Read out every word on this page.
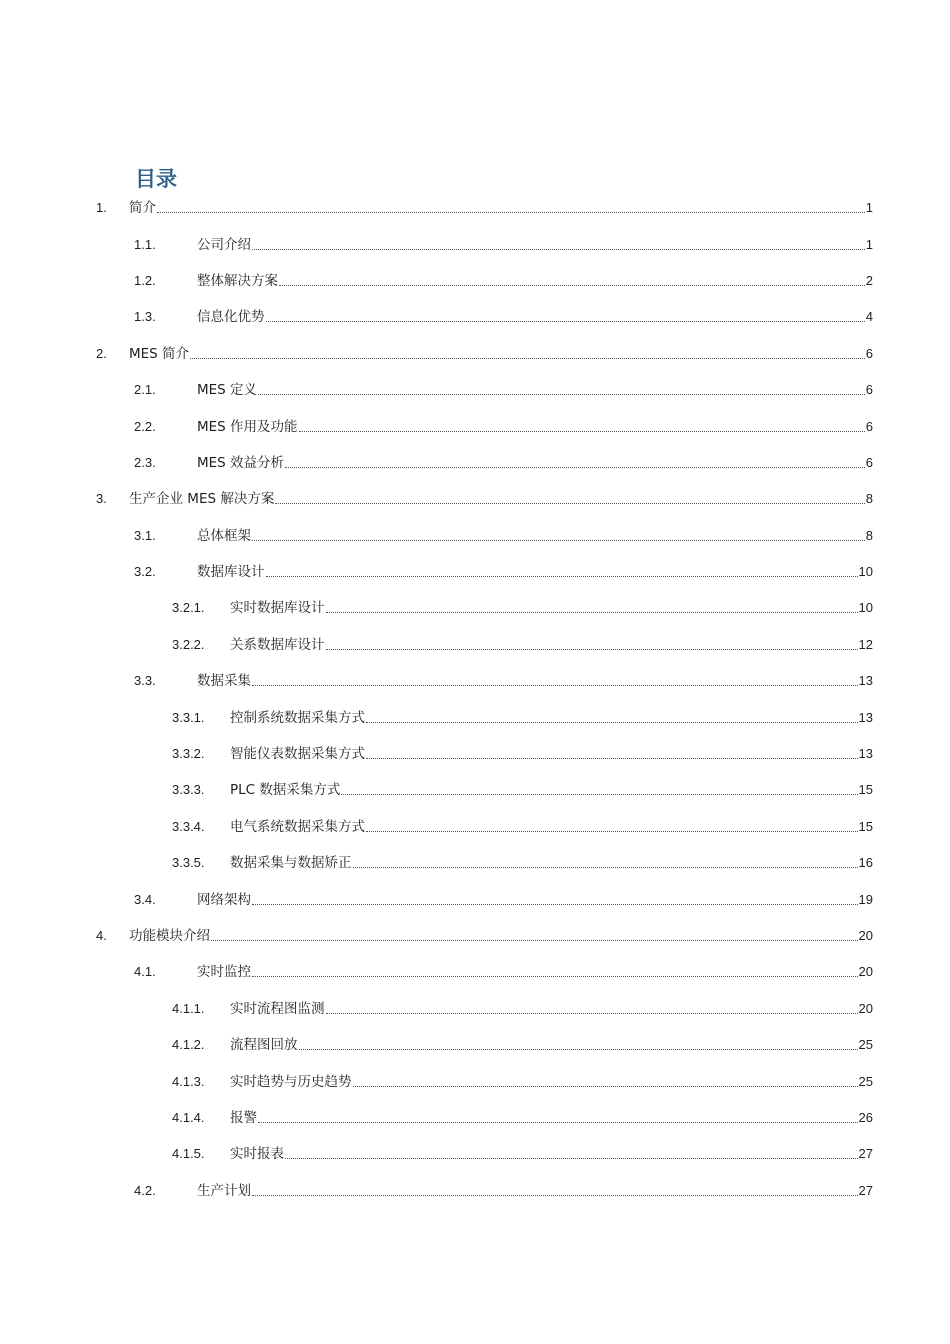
目录
1. 简介	1
1.1.	公司介绍	1
1.2.	整体解决方案	2
1.3.	信息化优势	4
2. MES 简介	6
2.1.	MES 定义	6
2.2.	MES 作用及功能	6
2.3.	MES 效益分析	6
3. 生产企业 MES 解决方案	8
3.1.	总体框架	8
3.2.	数据库设计	10
3.2.1. 实时数据库设计	10
3.2.2. 关系数据库设计	12
3.3.	数据采集	13
3.3.1. 控制系统数据采集方式	13
3.3.2. 智能仪表数据采集方式	13
3.3.3. PLC 数据采集方式	15
3.3.4. 电气系统数据采集方式	15
3.3.5. 数据采集与数据矫正	16
3.4.	网络架构	19
4. 功能模块介绍	20
4.1.	实时监控	20
4.1.1. 实时流程图监测	20
4.1.2. 流程图回放	25
4.1.3. 实时趋势与历史趋势	25
4.1.4. 报警	26
4.1.5. 实时报表	27
4.2.	生产计划	27
